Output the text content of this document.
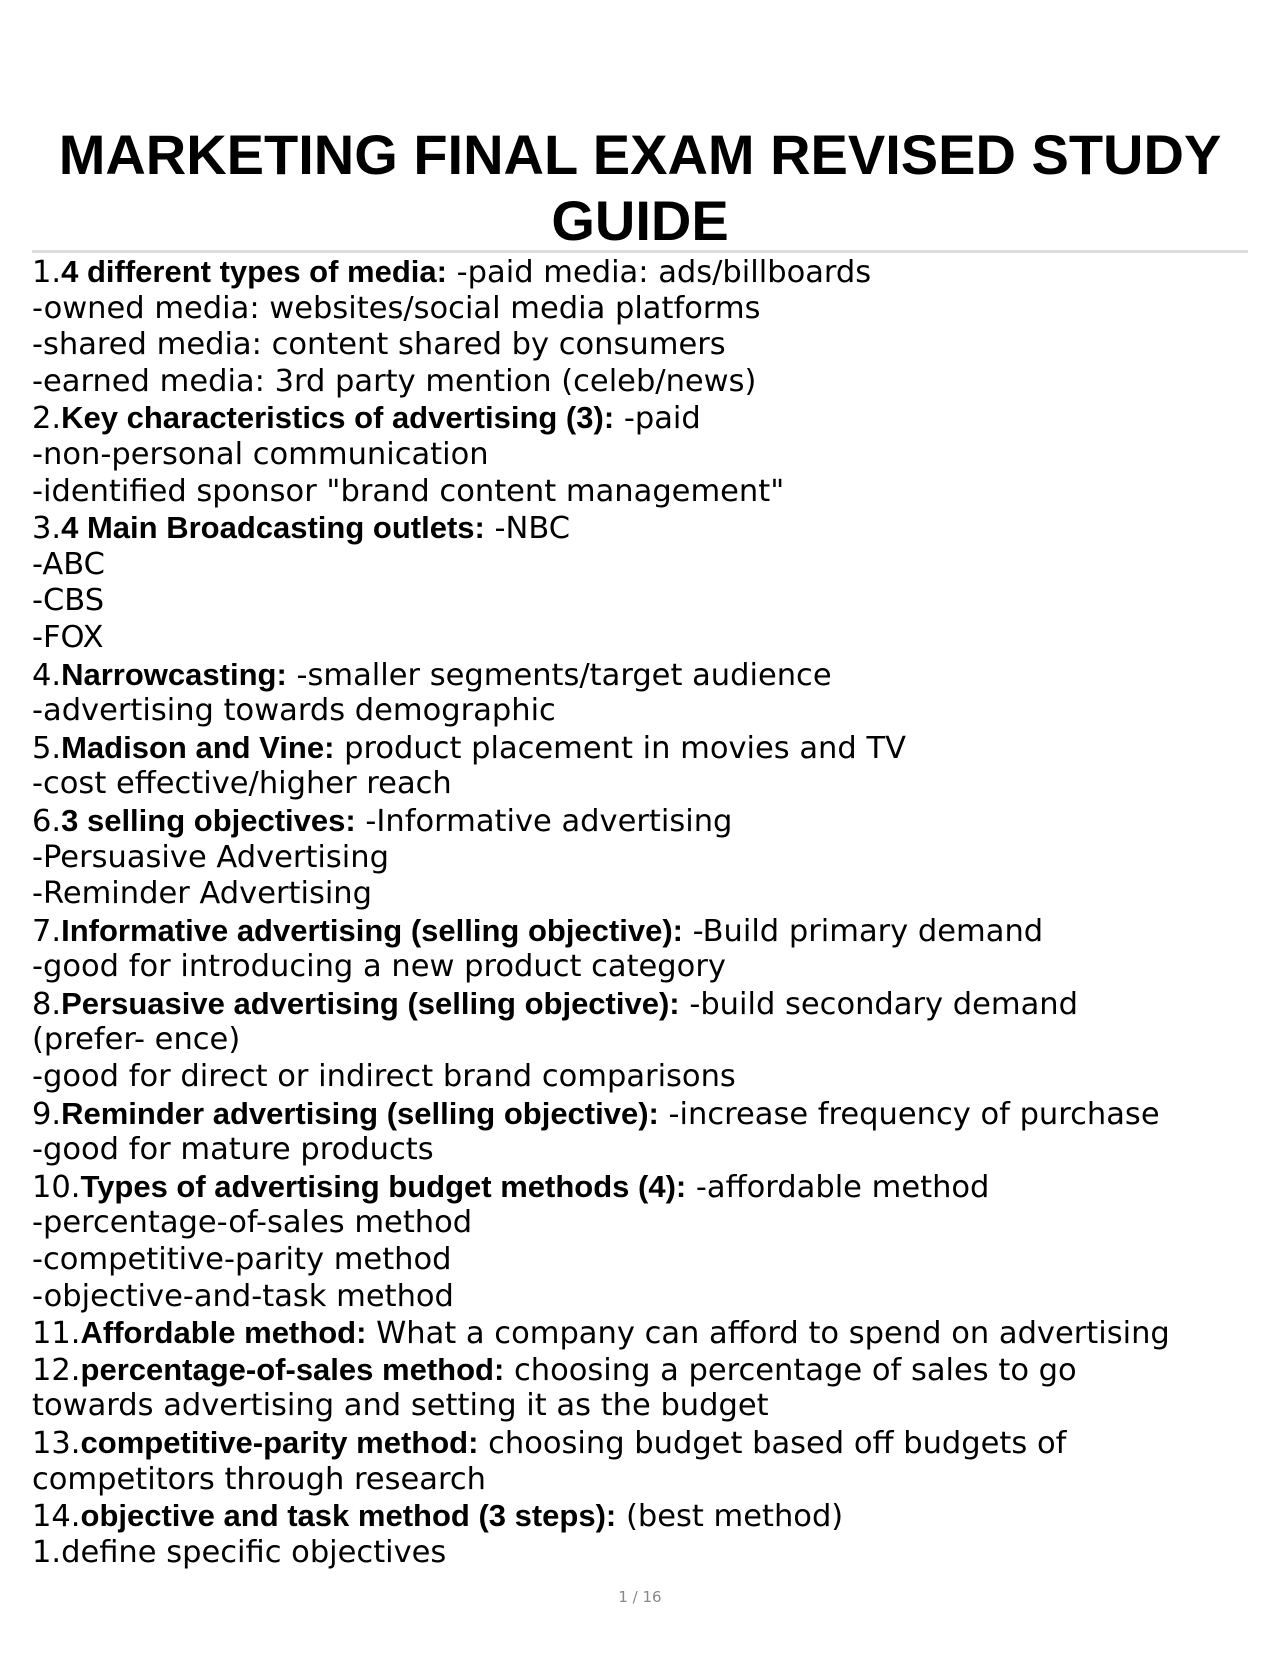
MARKETING FINAL EXAM REVISED STUDY
GUIDE
1.4 different types of media: -paid media: ads/billboards
-owned media: websites/social media platforms
-shared media: content shared by consumers
-earned media: 3rd party mention (celeb/news)
2.Key characteristics of advertising (3): -paid
-non-personal communication
-identified sponsor "brand content management"
3.4 Main Broadcasting outlets: -NBC
-ABC
-CBS
-FOX
4.Narrowcasting: -smaller segments/target audience
-advertising towards demographic
5.Madison and Vine: product placement in movies and TV
-cost effective/higher reach
6.3 selling objectives: -Informative advertising
-Persuasive Advertising
-Reminder Advertising
7.Informative advertising (selling objective): -Build primary demand
-good for introducing a new product category
8.Persuasive advertising (selling objective): -build secondary demand
(prefer- ence)
-good for direct or indirect brand comparisons
9.Reminder advertising (selling objective): -increase frequency of purchase
-good for mature products
10.Types of advertising budget methods (4): -affordable method
-percentage-of-sales method
-competitive-parity method
-objective-and-task method
11.Affordable method: What a company can afford to spend on advertising
12.percentage-of-sales method: choosing a percentage of sales to go
towards advertising and setting it as the budget
13.competitive-parity method: choosing budget based off budgets of
competitors through research
14.objective and task method (3 steps): (best method)
1.define specific objectives
1 / 16
